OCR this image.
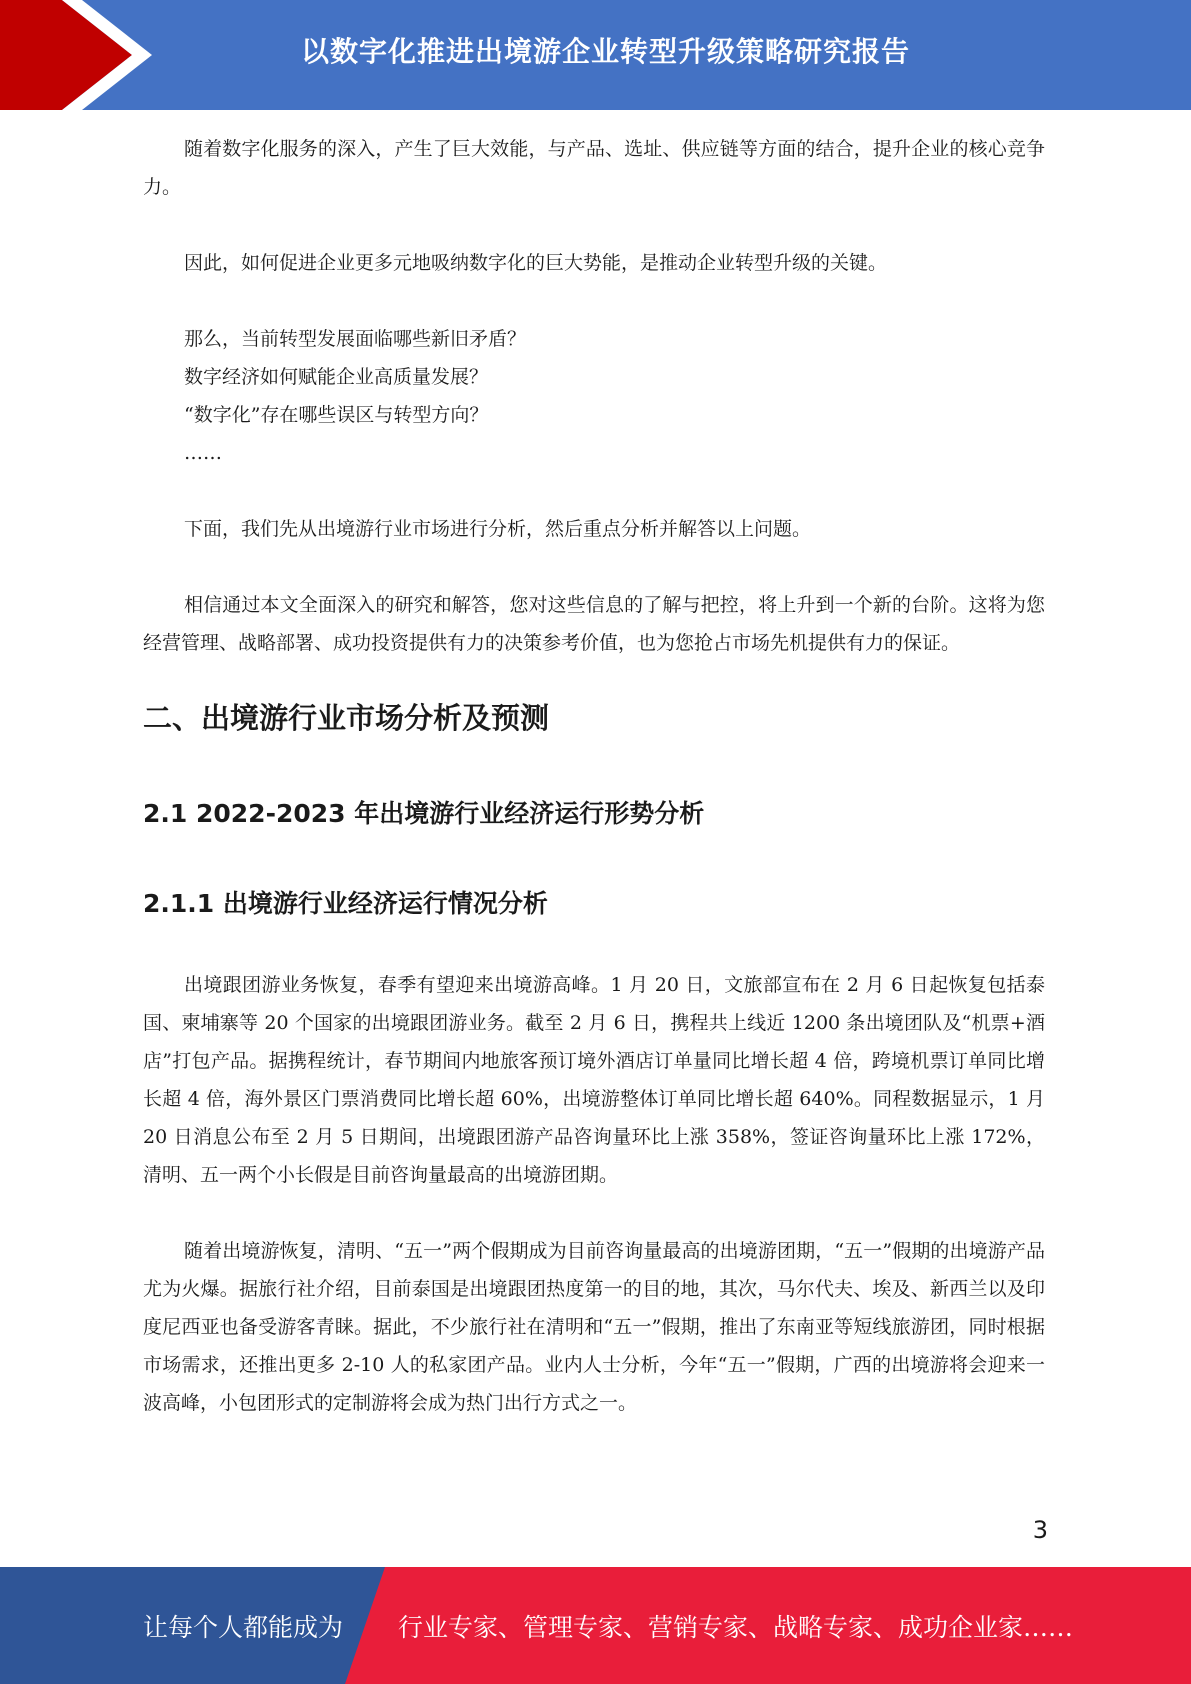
以数字化推进出境游企业转型升级策略研究报告

随着数字化服务的深入，产生了巨大效能，与产品、选址、供应链等方面的结合，提升企业的核心竞争力。

因此，如何促进企业更多元地吸纳数字化的巨大势能，是推动企业转型升级的关键。

那么，当前转型发展面临哪些新旧矛盾？

数字经济如何赋能企业高质量发展？

“数字化”存在哪些误区与转型方向？

……

下面，我们先从出境游行业市场进行分析，然后重点分析并解答以上问题。

相信通过本文全面深入的研究和解答，您对这些信息的了解与把控，将上升到一个新的台阶。这将为您经营管理、战略部署、成功投资提供有力的决策参考价值，也为您抢占市场先机提供有力的保证。

二、出境游行业市场分析及预测
2.1 2022-2023 年出境游行业经济运行形势分析
2.1.1 出境游行业经济运行情况分析

出境跟团游业务恢复，春季有望迎来出境游高峰。1 月 20 日，文旅部宣布在 2 月 6 日起恢复包括泰国、柬埔寨等 20 个国家的出境跟团游业务。截至 2 月 6 日，携程共上线近 1200 条出境团队及“机票+酒店”打包产品。据携程统计，春节期间内地旅客预订境外酒店订单量同比增长超 4 倍，跨境机票订单同比增长超 4 倍，海外景区门票消费同比增长超 60%，出境游整体订单同比增长超 640%。同程数据显示，1 月 20 日消息公布至 2 月 5 日期间，出境跟团游产品咨询量环比上涨 358%，签证咨询量环比上涨 172%，清明、五一两个小长假是目前咨询量最高的出境游团期。

随着出境游恢复，清明、“五一”两个假期成为目前咨询量最高的出境游团期，“五一”假期的出境游产品尤为火爆。据旅行社介绍，目前泰国是出境跟团热度第一的目的地，其次，马尔代夫、埃及、新西兰以及印度尼西亚也备受游客青睐。据此，不少旅行社在清明和“五一”假期，推出了东南亚等短线旅游团，同时根据市场需求，还推出更多 2-10 人的私家团产品。业内人士分析，今年“五一”假期，广西的出境游将会迎来一波高峰，小包团形式的定制游将会成为热门出行方式之一。

3
让每个人都能成为 行业专家、管理专家、营销专家、战略专家、成功企业家……
